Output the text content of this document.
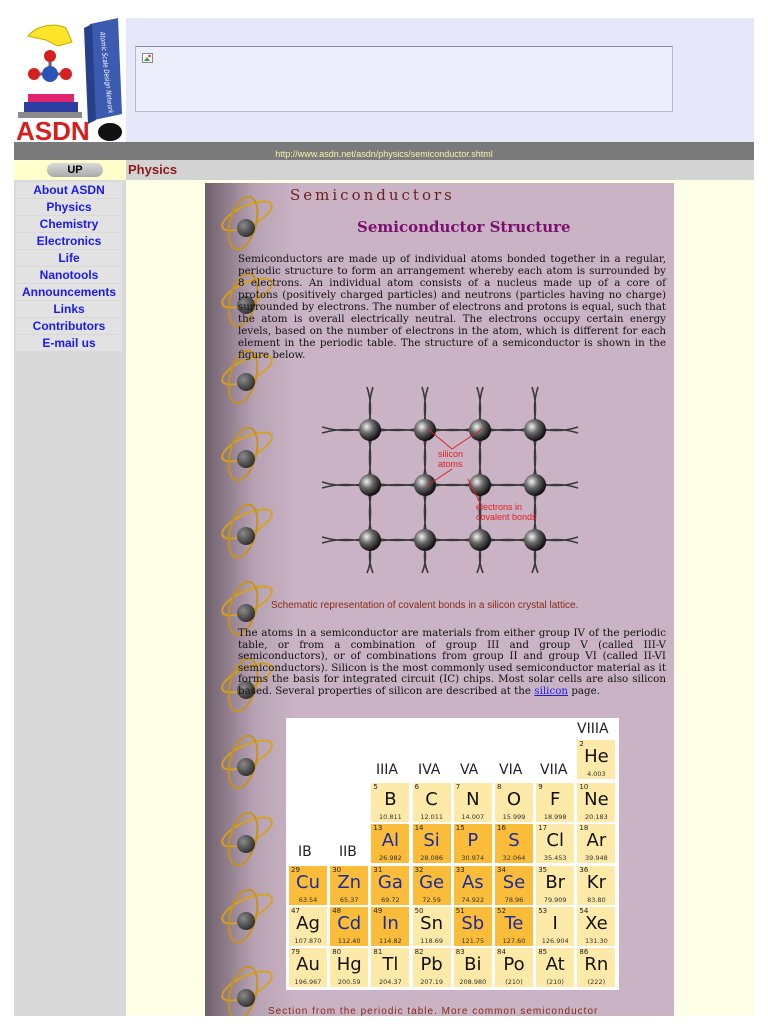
Atomic Scale Design Network
ASDN
http://www.asdn.net/asdn/physics/semiconductor.shtml
UP	Physics
About ASDN
Physics
Chemistry
Electronics
Life
Nanotools
Announcements
Links
Contributors
E-mail us
Semiconductors
Semiconductor Structure

Semiconductors are made up of individual atoms bonded together in a regular, periodic structure to form an arrangement whereby each atom is surrounded by 8 electrons. An individual atom consists of a nucleus made up of a core of protons (positively charged particles) and neutrons (particles having no charge) surrounded by electrons. The number of electrons and protons is equal, such that the atom is overall electrically neutral. The electrons occupy certain energy levels, based on the number of electrons in the atom, which is different for each element in the periodic table. The structure of a semiconductor is shown in the figure below.

silicon
atoms
electrons in
covalent bonds
Schematic representation of covalent bonds in a silicon crystal lattice.

The atoms in a semiconductor are materials from either group IV of the periodic table, or from a combination of group III and group V (called III-V semiconductors), or of combinations from group II and group VI (called II-VI semiconductors). Silicon is the most commonly used semiconductor material as it forms the basis for integrated circuit (IC) chips. Most solar cells are also silicon based. Several properties of silicon are described at the silicon page.

VIIIA
IIIA IVA VA VIA VIIA
IB IIB
2
He
4.003
5
B
10.811
6
C
12.011
7
N
14.007
8
O
15.999
9
F
18.998
10
Ne
20.183
13
Al
26.982
14
Si
28.086
15
P
30.974
16
S
32.064
17
Cl
35.453
18
Ar
39.948
29
Cu
63.54
30
Zn
65.37
31
Ga
69.72
32
Ge
72.59
33
As
74.922
34
Se
78.96
35
Br
79.909
36
Kr
83.80
47
Ag
107.870
48
Cd
112.40
49
In
114.82
50
Sn
118.69
51
Sb
121.75
52
Te
127.60
53
I
126.904
54
Xe
131.30
79
Au
196.967
80
Hg
200.59
81
Tl
204.37
82
Pb
207.19
83
Bi
208.980
84
Po
(210)
85
At
(210)
86
Rn
(222)
Section from the periodic table. More common semiconductor
